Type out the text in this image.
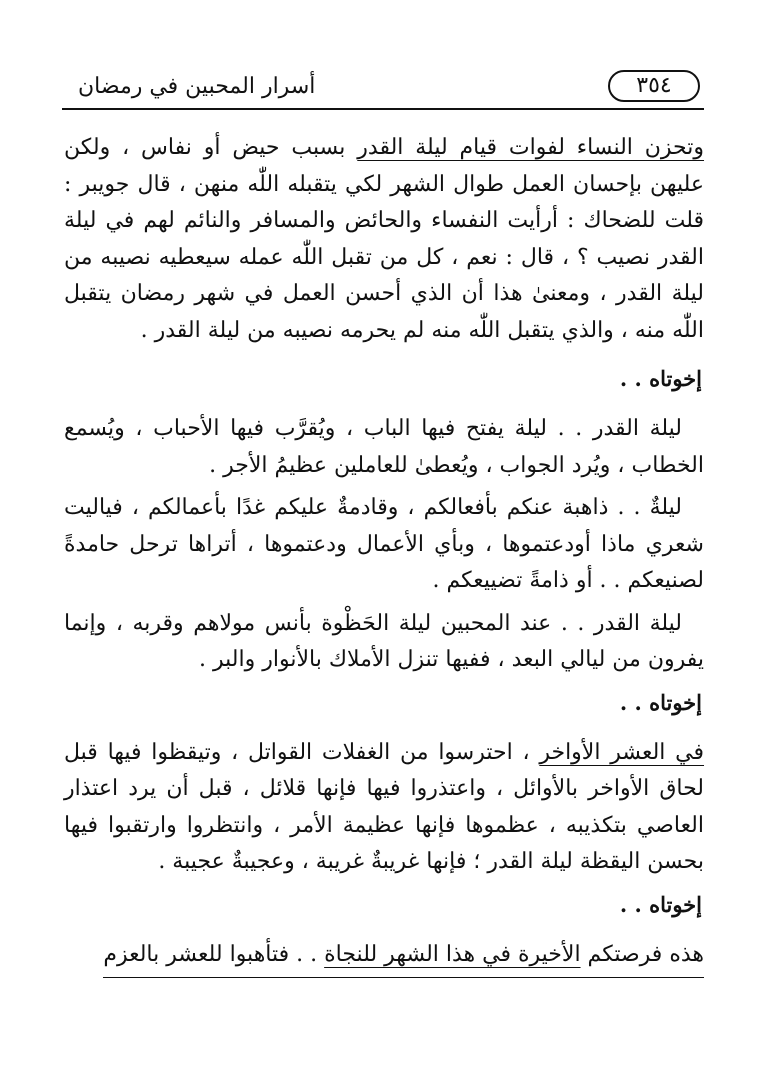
أسرار المحبين في رمضان	٣٥٤

وتحزن النساء لفوات قيام ليلة القدر بسبب حيض أو نفاس ، ولكن عليهن بإحسان العمل طوال الشهر لكي يتقبله اللّٰه منهن ، قال جويبر : قلت للضحاك : أرأيت النفساء والحائض والمسافر والنائم لهم في ليلة القدر نصيب ؟ ، قال : نعم ، كل من تقبل اللّٰه عمله سيعطيه نصيبه من ليلة القدر ، ومعنىٰ هذا أن الذي أحسن العمل في شهر رمضان يتقبل اللّٰه منه ، والذي يتقبل اللّٰه منه لم يحرمه نصيبه من ليلة القدر .

إخوتاه . .

ليلة القدر . . ليلة يفتح فيها الباب ، ويُقرَّب فيها الأحباب ، ويُسمع الخطاب ، ويُرد الجواب ، ويُعطىٰ للعاملين عظيمُ الأجر .

ليلةٌ . . ذاهبة عنكم بأفعالكم ، وقادمةٌ عليكم غدًا بأعمالكم ، فياليت شعري ماذا أودعتموها ، وبأي الأعمال ودعتموها ، أتراها ترحل حامدةً لصنيعكم . . أو ذامةً تضييعكم .

ليلة القدر . . عند المحبين ليلة الحَظْوة بأنس مولاهم وقربه ، وإنما يفرون من ليالي البعد ، ففيها تنزل الأملاك بالأنوار والبر .

إخوتاه . .

في العشر الأواخر ، احترسوا من الغفلات القواتل ، وتيقظوا فيها قبل لحاق الأواخر بالأوائل ، واعتذروا فيها فإنها قلائل ، قبل أن يرد اعتذار العاصي بتكذيبه ، عظموها فإنها عظيمة الأمر ، وانتظروا وارتقبوا فيها بحسن اليقظة ليلة القدر ؛ فإنها غريبةٌ غريبة ، وعجيبةٌ عجيبة .

إخوتاه . .
هذه فرصتكم الأخيرة في هذا الشهر للنجاة . . فتأهبوا للعشر بالعزم
